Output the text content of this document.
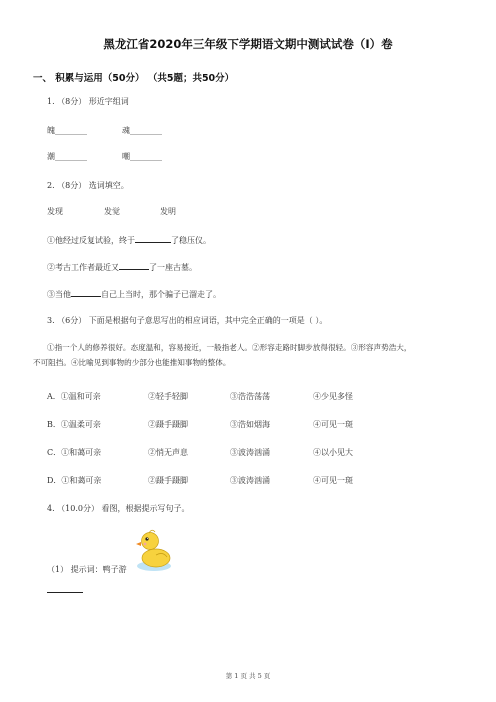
黑龙江省2020年三年级下学期语文期中测试试卷（I）卷
一、 积累与运用（50分） （共5题；共50分）
1. （8分） 形近字组词
魄________	魂________
潮________	嘲________
2. （8分） 选词填空。
发现	发觉	发明
①他经过反复试验，终于	了稳压仪。
②考古工作者最近又	了一座古墓。
③当他	自己上当时，那个骗子已溜走了。
3. （6分） 下面是根据句子意思写出的相应词语，其中完全正确的一项是（ ）。
①指一个人的修养很好。态度温和，容易接近，一般指老人。②形容走路时脚步放得很轻。③形容声势浩大，
不可阻挡。④比喻见到事物的少部分也能推知事物的整体。
A．①温和可亲	②轻手轻脚	③浩浩荡荡	④少见多怪
B．①温柔可亲	②蹑手蹑脚	③浩如烟海	④可见一斑
C．①和蔼可亲	②悄无声息	③波涛汹涌	④以小见大
D．①和蔼可亲	②蹑手蹑脚	③波涛汹涌	④可见一斑
4. （10.0分） 看图，根据提示写句子。
（1） 提示词：鸭子游
第 1 页 共 5 页
